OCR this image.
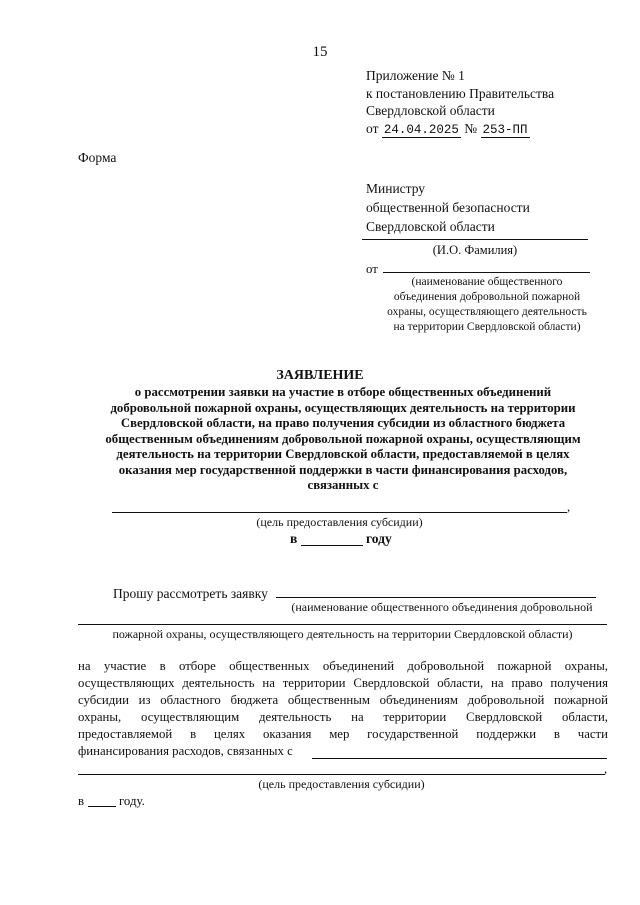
15
Приложение № 1
к постановлению Правительства
Свердловской области
от 24.04.2025 № 253-ПП
Форма
Министру
общественной безопасности
Свердловской области
(И.О. Фамилия)
от
(наименование общественного
объединения добровольной пожарной
охраны, осуществляющего деятельность
на территории Свердловской области)
ЗАЯВЛЕНИЕ
о рассмотрении заявки на участие в отборе общественных объединений
добровольной пожарной охраны, осуществляющих деятельность на территории
Свердловской области, на право получения субсидии из областного бюджета
общественным объединениям добровольной пожарной охраны, осуществляющим
деятельность на территории Свердловской области, предоставляемой в целях
оказания мер государственной поддержки в части финансирования расходов,
связанных с
,
(цель предоставления субсидии)
в	году
Прошу рассмотреть заявку
(наименование общественного объединения добровольной
пожарной охраны, осуществляющего деятельность на территории Свердловской области)

на участие в отборе общественных объединений добровольной пожарной охраны,

осуществляющих деятельность на территории Свердловской области, на право получения

субсидии из областного бюджета общественным объединениям добровольной пожарной

охраны, осуществляющим деятельность на территории Свердловской области,

предоставляемой в целях оказания мер государственной поддержки в части

финансирования расходов, связанных с

,
(цель предоставления субсидии)
в	году.
